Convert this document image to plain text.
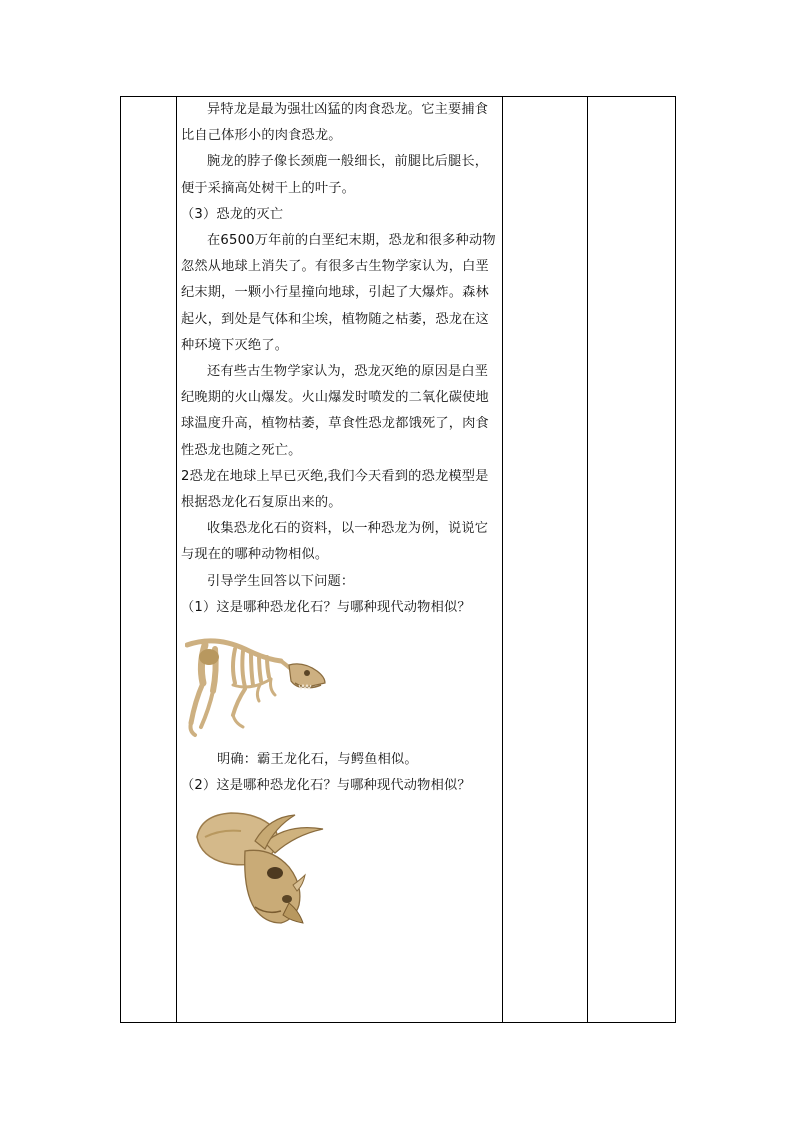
异特龙是最为强壮凶猛的肉食恐龙。它主要捕食比自己体形小的肉食恐龙。

腕龙的脖子像长颈鹿一般细长，前腿比后腿长，便于采摘高处树干上的叶子。

（3）恐龙的灭亡

在6500万年前的白垩纪末期，恐龙和很多种动物忽然从地球上消失了。有很多古生物学家认为，白垩纪末期，一颗小行星撞向地球，引起了大爆炸。森林起火，到处是气体和尘埃，植物随之枯萎，恐龙在这种环境下灭绝了。

还有些古生物学家认为，恐龙灭绝的原因是白垩纪晚期的火山爆发。火山爆发时喷发的二氧化碳使地球温度升高，植物枯萎，草食性恐龙都饿死了，肉食性恐龙也随之死亡。

2恐龙在地球上早已灭绝,我们今天看到的恐龙模型是根据恐龙化石复原出来的。

收集恐龙化石的资料，以一种恐龙为例，说说它与现在的哪种动物相似。

引导学生回答以下问题：

（1）这是哪种恐龙化石？与哪种现代动物相似？

明确：霸王龙化石，与鳄鱼相似。

（2）这是哪种恐龙化石？与哪种现代动物相似？
